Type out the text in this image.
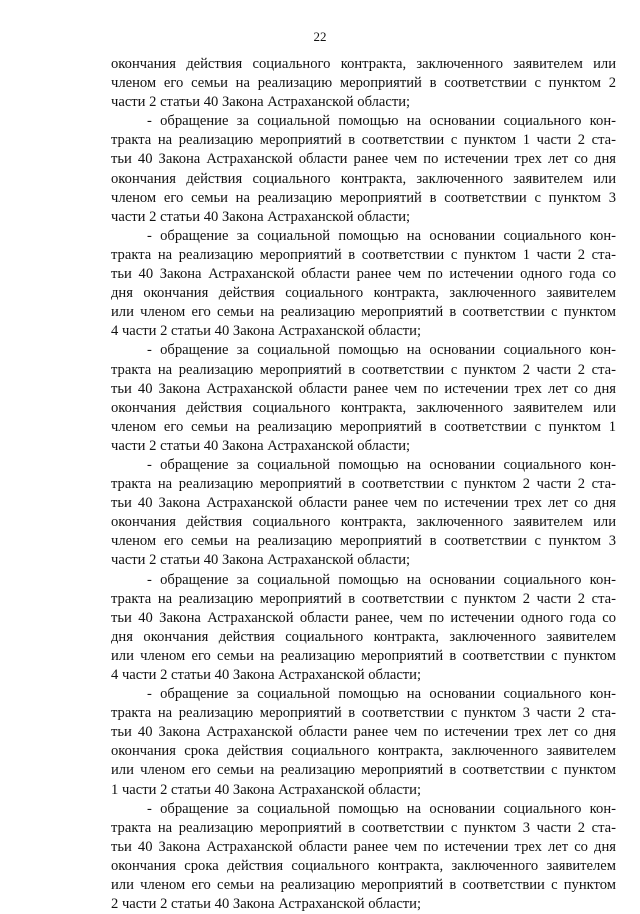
22
окончания действия социального контракта, заключенного заявителем или
членом его семьи на реализацию мероприятий в соответствии с пунктом 2
части 2 статьи 40 Закона Астраханской области;
- обращение за социальной помощью на основании социального кон-
тракта на реализацию мероприятий в соответствии с пунктом 1 части 2 ста-
тьи 40 Закона Астраханской области ранее чем по истечении трех лет со дня
окончания действия социального контракта, заключенного заявителем или
членом его семьи на реализацию мероприятий в соответствии с пунктом 3
части 2 статьи 40 Закона Астраханской области;
- обращение за социальной помощью на основании социального кон-
тракта на реализацию мероприятий в соответствии с пунктом 1 части 2 ста-
тьи 40 Закона Астраханской области ранее чем по истечении одного года со
дня окончания действия социального контракта, заключенного заявителем
или членом его семьи на реализацию мероприятий в соответствии с пунктом
4 части 2 статьи 40 Закона Астраханской области;
- обращение за социальной помощью на основании социального кон-
тракта на реализацию мероприятий в соответствии с пунктом 2 части 2 ста-
тьи 40 Закона Астраханской области ранее чем по истечении трех лет со дня
окончания действия социального контракта, заключенного заявителем или
членом его семьи на реализацию мероприятий в соответствии с пунктом 1
части 2 статьи 40 Закона Астраханской области;
- обращение за социальной помощью на основании социального кон-
тракта на реализацию мероприятий в соответствии с пунктом 2 части 2 ста-
тьи 40 Закона Астраханской области ранее чем по истечении трех лет со дня
окончания действия социального контракта, заключенного заявителем или
членом его семьи на реализацию мероприятий в соответствии с пунктом 3
части 2 статьи 40 Закона Астраханской области;
- обращение за социальной помощью на основании социального кон-
тракта на реализацию мероприятий в соответствии с пунктом 2 части 2 ста-
тьи 40 Закона Астраханской области ранее, чем по истечении одного года со
дня окончания действия социального контракта, заключенного заявителем
или членом его семьи на реализацию мероприятий в соответствии с пунктом
4 части 2 статьи 40 Закона Астраханской области;
- обращение за социальной помощью на основании социального кон-
тракта на реализацию мероприятий в соответствии с пунктом 3 части 2 ста-
тьи 40 Закона Астраханской области ранее чем по истечении трех лет со дня
окончания срока действия социального контракта, заключенного заявителем
или членом его семьи на реализацию мероприятий в соответствии с пунктом
1 части 2 статьи 40 Закона Астраханской области;
- обращение за социальной помощью на основании социального кон-
тракта на реализацию мероприятий в соответствии с пунктом 3 части 2 ста-
тьи 40 Закона Астраханской области ранее чем по истечении трех лет со дня
окончания срока действия социального контракта, заключенного заявителем
или членом его семьи на реализацию мероприятий в соответствии с пунктом
2 части 2 статьи 40 Закона Астраханской области;
